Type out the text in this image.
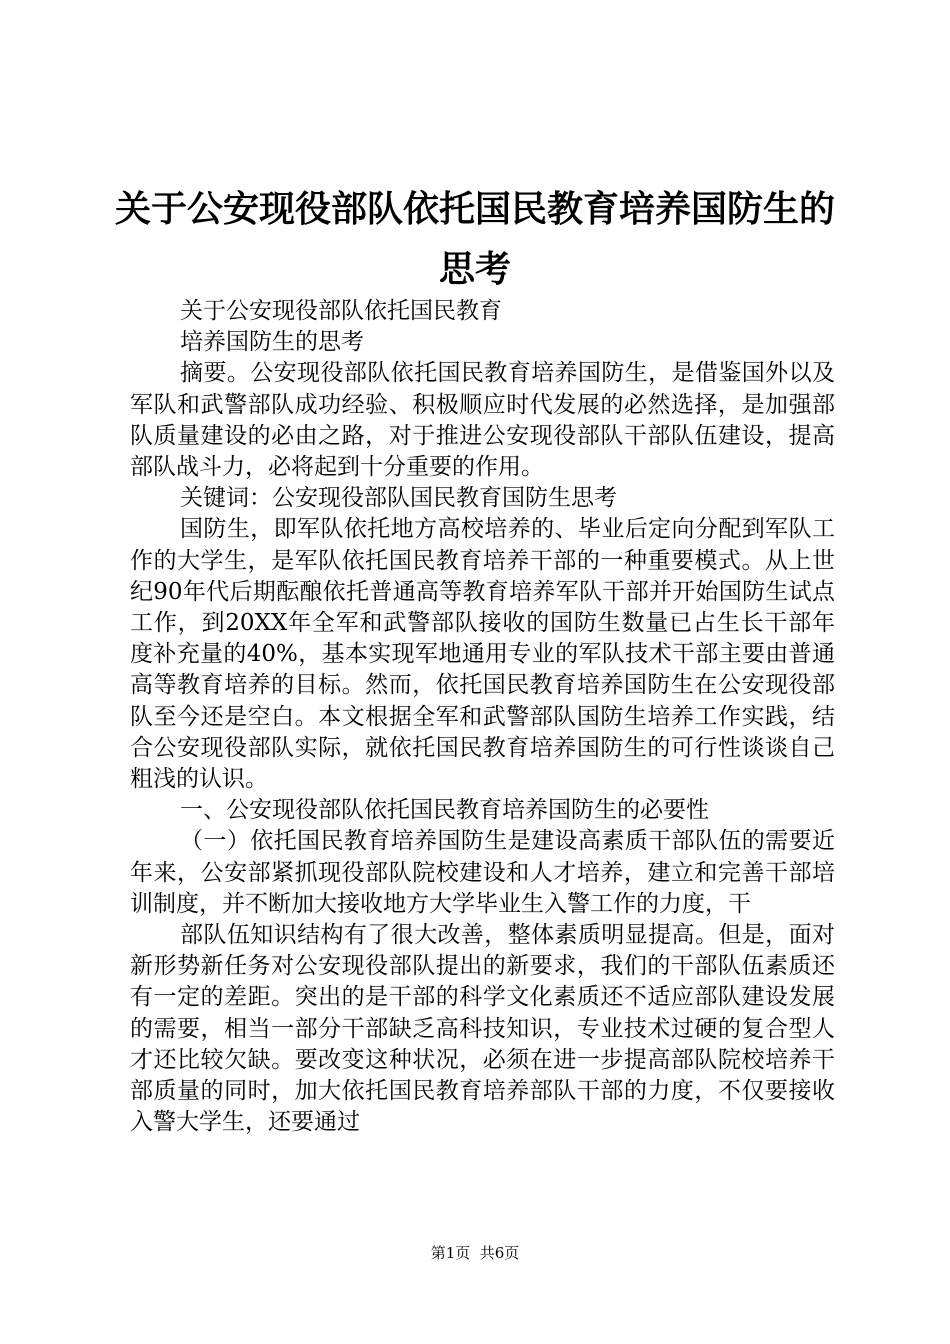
关于公安现役部队依托国民教育培养国防生的
思考

关于公安现役部队依托国民教育

培养国防生的思考

摘要。公安现役部队依托国民教育培养国防生，是借鉴国外以及军队和武警部队成功经验、积极顺应时代发展的必然选择，是加强部队质量建设的必由之路，对于推进公安现役部队干部队伍建设，提高部队战斗力，必将起到十分重要的作用。

关键词：公安现役部队国民教育国防生思考

国防生，即军队依托地方高校培养的、毕业后定向分配到军队工作的大学生，是军队依托国民教育培养干部的一种重要模式。从上世纪90年代后期酝酿依托普通高等教育培养军队干部并开始国防生试点工作，到20XX年全军和武警部队接收的国防生数量已占生长干部年度补充量的40%，基本实现军地通用专业的军队技术干部主要由普通高等教育培养的目标。然而，依托国民教育培养国防生在公安现役部队至今还是空白。本文根据全军和武警部队国防生培养工作实践，结合公安现役部队实际，就依托国民教育培养国防生的可行性谈谈自己粗浅的认识。

一、公安现役部队依托国民教育培养国防生的必要性

（一）依托国民教育培养国防生是建设高素质干部队伍的需要近年来，公安部紧抓现役部队院校建设和人才培养，建立和完善干部培训制度，并不断加大接收地方大学毕业生入警工作的力度，干

部队伍知识结构有了很大改善，整体素质明显提高。但是，面对新形势新任务对公安现役部队提出的新要求，我们的干部队伍素质还有一定的差距。突出的是干部的科学文化素质还不适应部队建设发展的需要，相当一部分干部缺乏高科技知识，专业技术过硬的复合型人才还比较欠缺。要改变这种状况，必须在进一步提高部队院校培养干部质量的同时，加大依托国民教育培养部队干部的力度，不仅要接收入警大学生，还要通过

第1页  共6页
